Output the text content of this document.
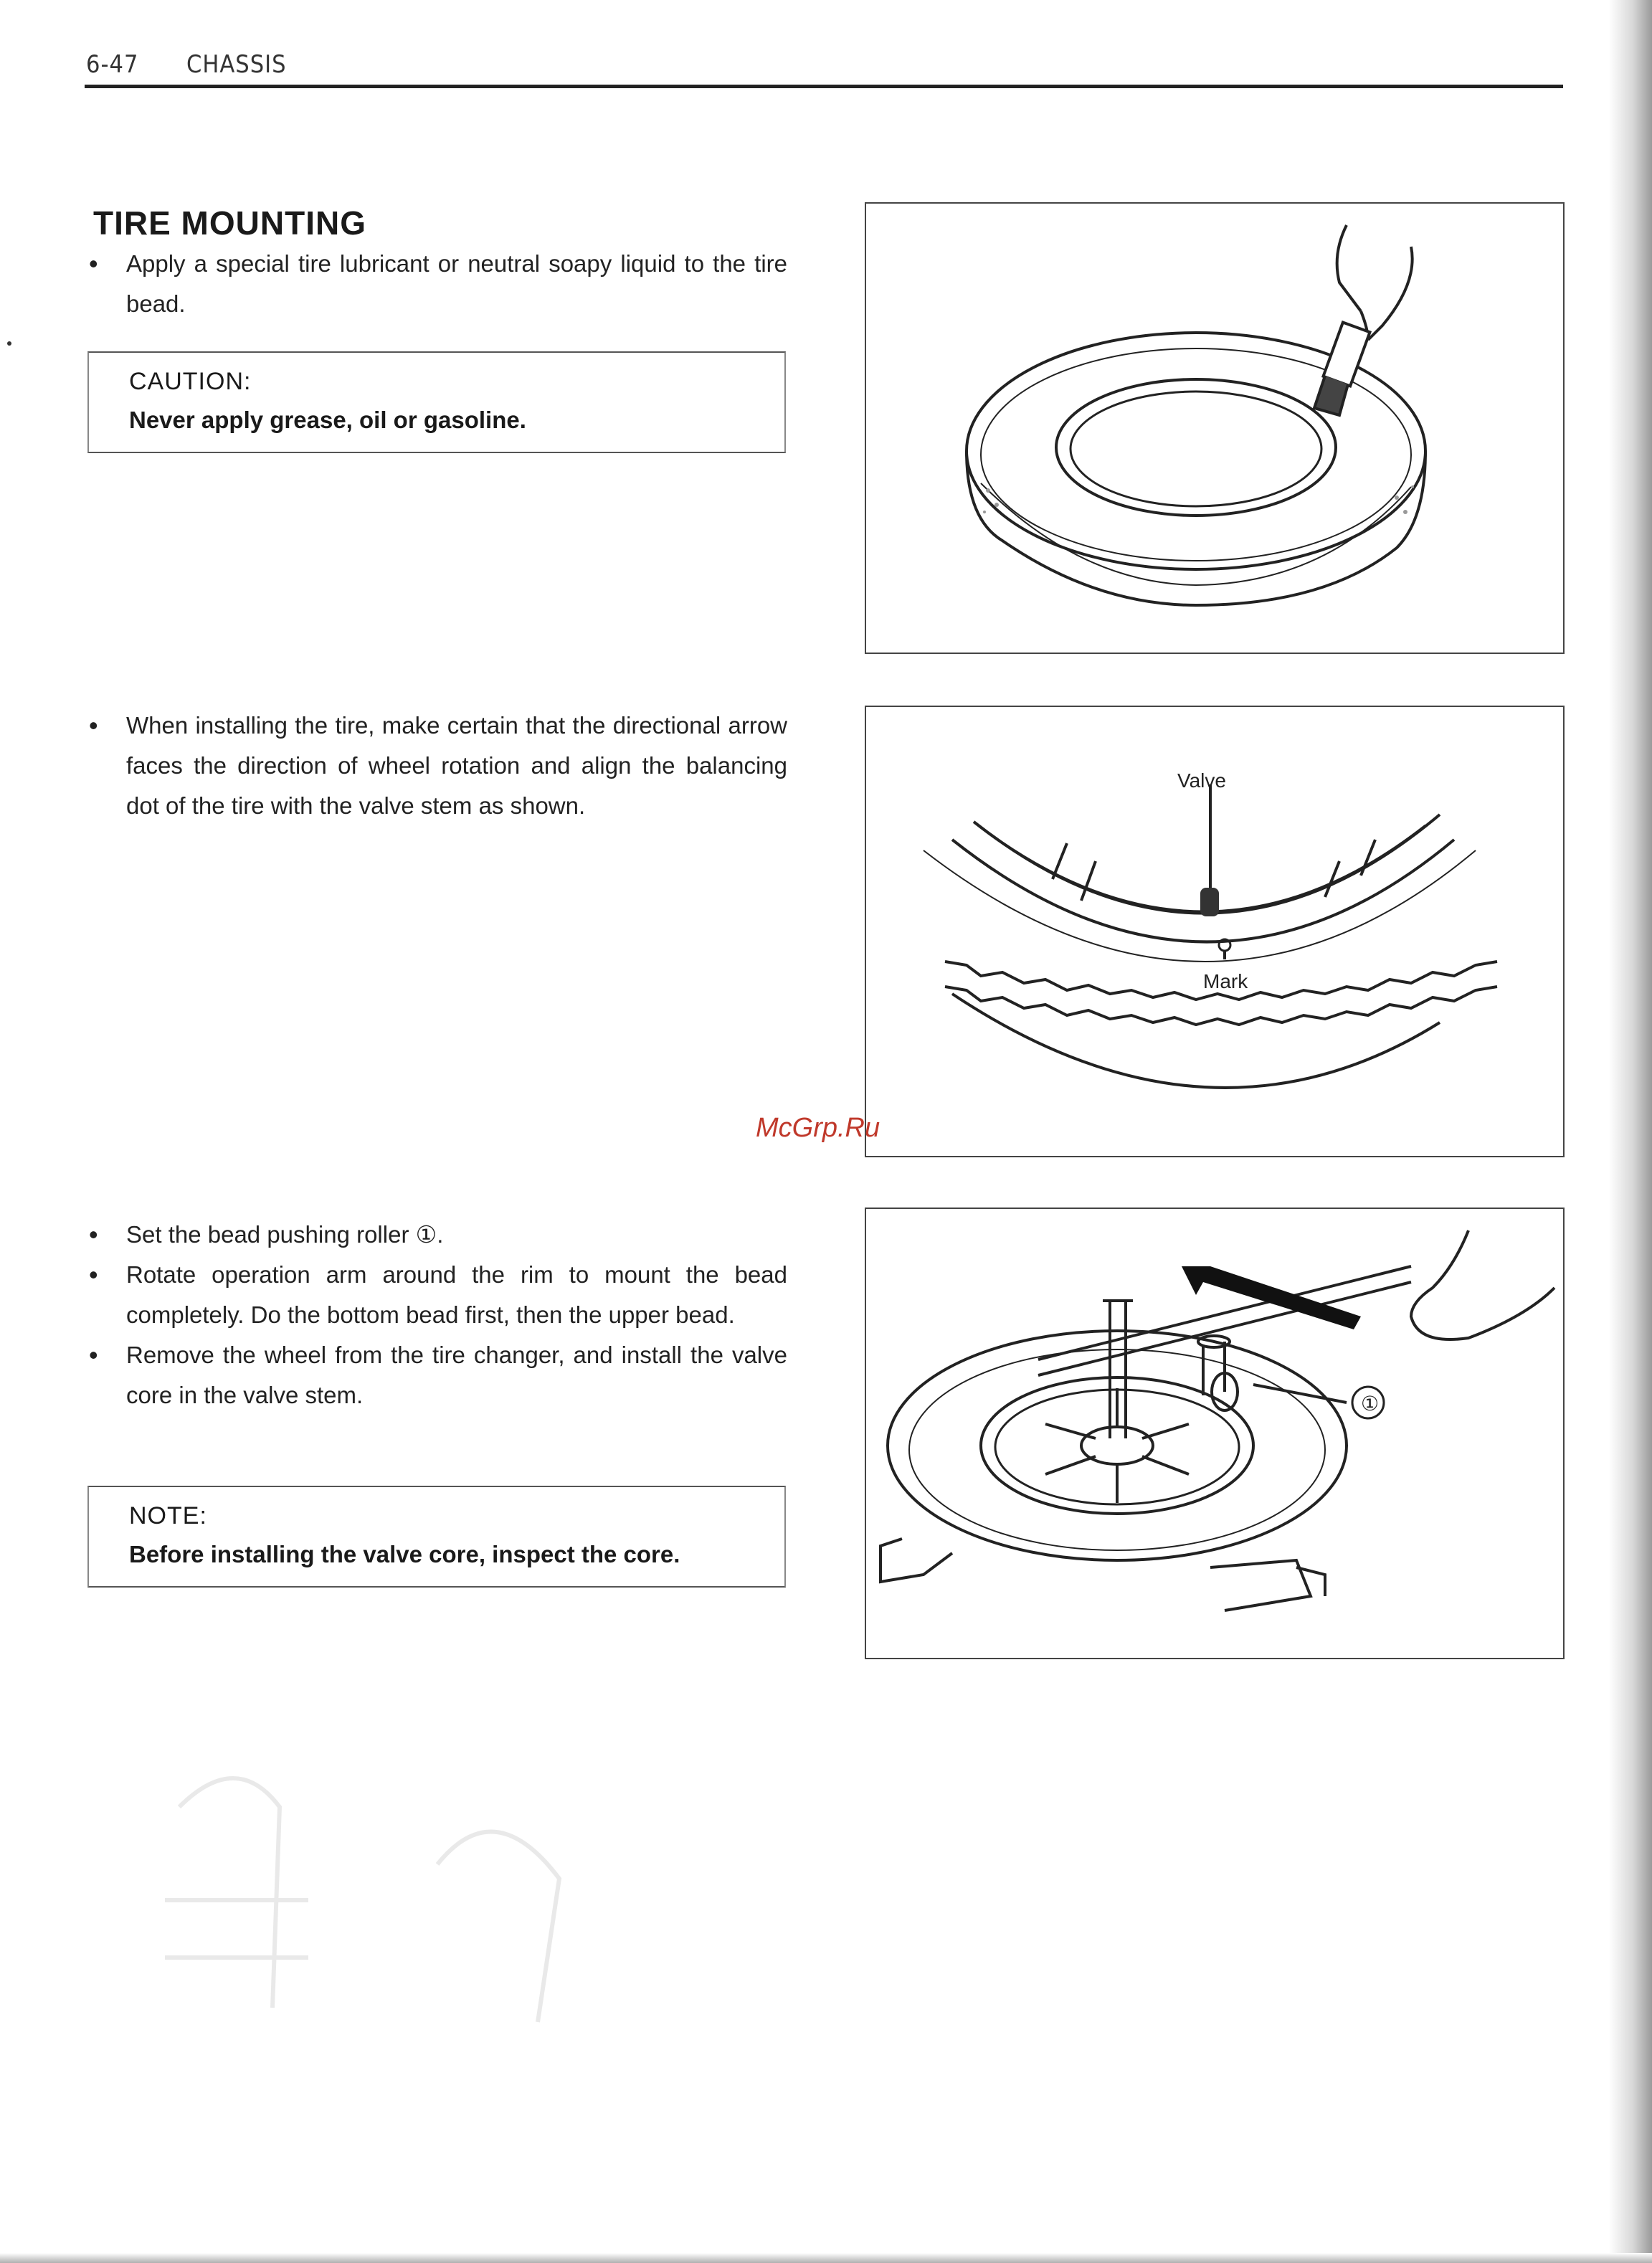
6-47 CHASSIS
TIRE MOUNTING

• Apply a special tire lubricant or neutral soapy liquid to the tire bead.

CAUTION:
Never apply grease, oil or gasoline.

• When installing the tire, make certain that the directional arrow faces the direction of wheel rotation and align the balancing dot of the tire with the valve stem as shown.

Valve
Mark
McGrp.Ru

• Set the bead pushing roller ①.

• Rotate operation arm around the rim to mount the bead completely. Do the bottom bead first, then the upper bead.

• Remove the wheel from the tire changer, and install the valve core in the valve stem.

NOTE:
Before installing the valve core, inspect the core.
①
